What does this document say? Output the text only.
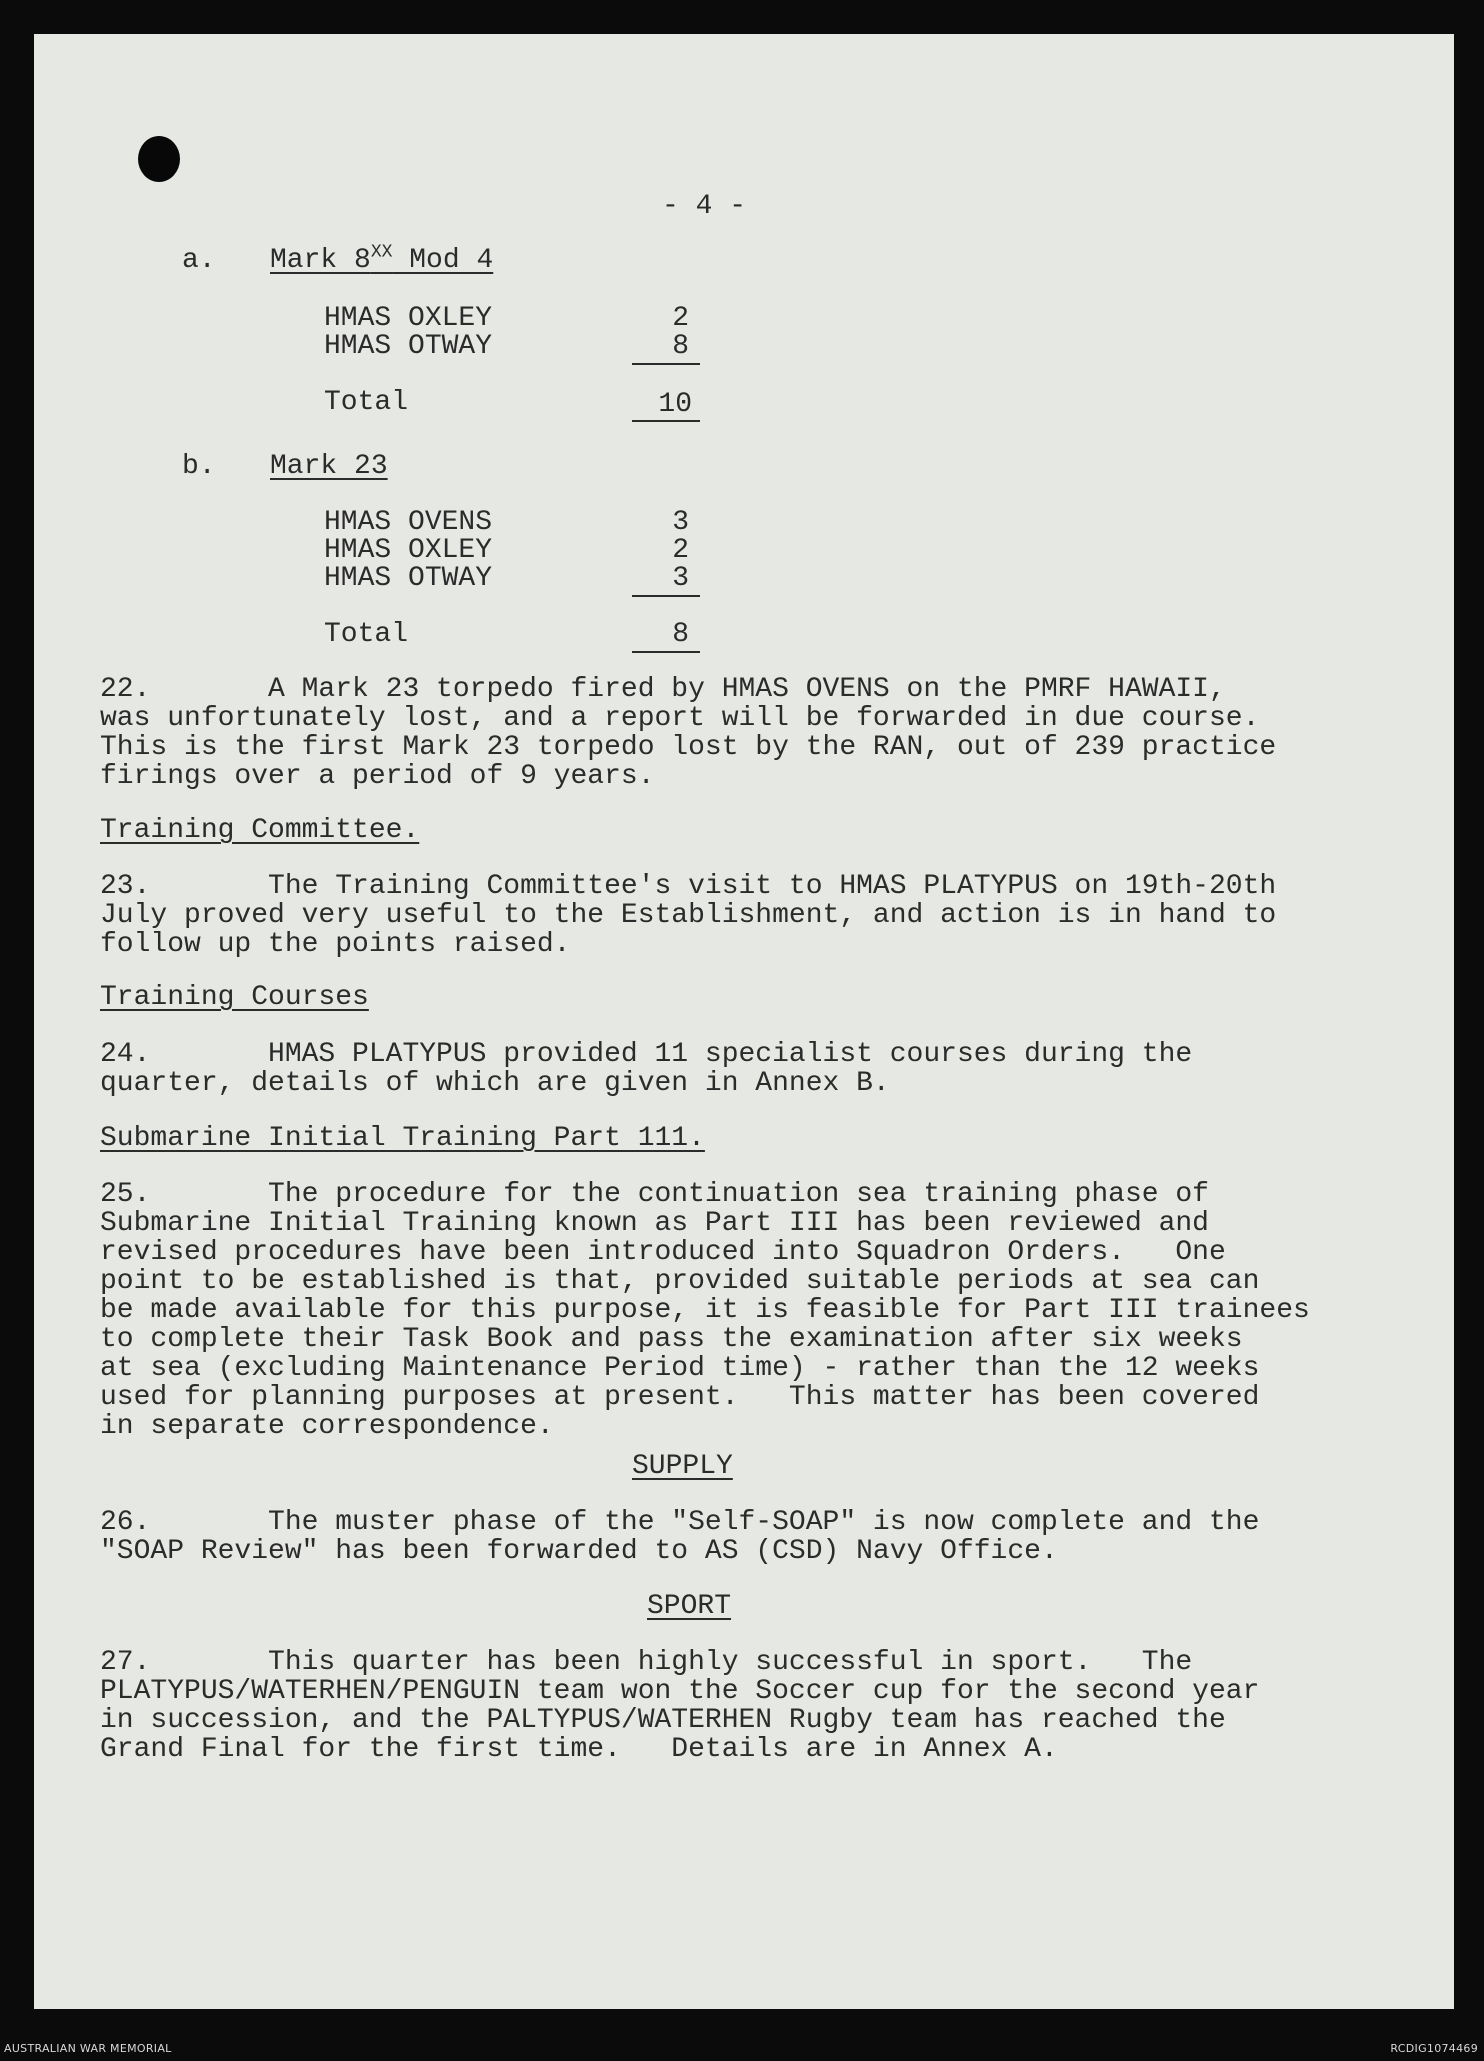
- 4 -
a. Mark $8^{XX}$ Mod 4
HMAS OXLEY	2
HMAS OTWAY	8
Total	10
b. Mark 23
HMAS OVENS	3
HMAS OXLEY	2
HMAS OTWAY	3
Total	8
22.       A Mark 23 torpedo fired by HMAS OVENS on the PMRF HAWAII,
was unfortunately lost, and a report will be forwarded in due course.
This is the first Mark 23 torpedo lost by the RAN, out of 239 practice
firings over a period of 9 years.
Training Committee.
23.       The Training Committee's visit to HMAS PLATYPUS on 19th-20th
July proved very useful to the Establishment, and action is in hand to
follow up the points raised.
Training Courses
24.       HMAS PLATYPUS provided 11 specialist courses during the
quarter, details of which are given in Annex B.
Submarine Initial Training Part 111.
25.       The procedure for the continuation sea training phase of
Submarine Initial Training known as Part III has been reviewed and
revised procedures have been introduced into Squadron Orders.   One
point to be established is that, provided suitable periods at sea can
be made available for this purpose, it is feasible for Part III trainees
to complete their Task Book and pass the examination after six weeks
at sea (excluding Maintenance Period time) - rather than the 12 weeks
used for planning purposes at present.   This matter has been covered
in separate correspondence.
SUPPLY
26.       The muster phase of the "Self-SOAP" is now complete and the
"SOAP Review" has been forwarded to AS (CSD) Navy Office.
SPORT
27.       This quarter has been highly successful in sport.   The
PLATYPUS/WATERHEN/PENGUIN team won the Soccer cup for the second year
in succession, and the PALTYPUS/WATERHEN Rugby team has reached the
Grand Final for the first time.   Details are in Annex A.
AUSTRALIAN WAR MEMORIAL	RCDIG1074469
